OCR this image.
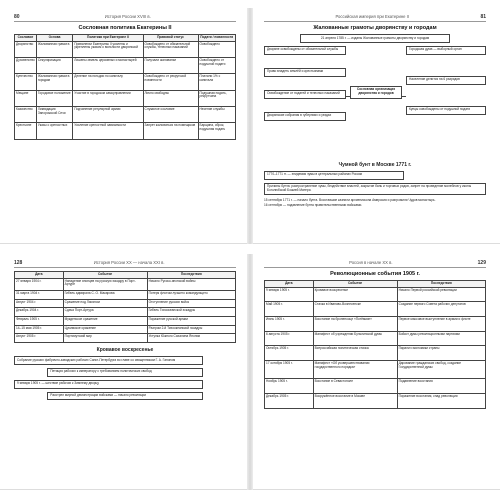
80	История России XVIII в.
Сословная политика Екатерины II
Сословие	Основа	Политика при Екатерине II	Правовой статус	Подати / повинности
Дворянство	Жалованная грамота	Привилегии Екатерины II усилены и укреплены указом о вольности дворянской	Освобождено от обязательной службы, телесных наказаний	Освобождено
Духовенство	Секуляризация	Лишены земель церковных и монастырей	Получали жалованье	Освобождено от подушной подати
Купечество	Жалованная грамота городам	Деление на гильдии по капиталу	Освобождено от рекрутской повинности	Платили 1% с капитала
Мещане	Городовое положение	Участие в городском самоуправлении	Лично свободны	Подушная подать, рекрутчина
Казачество	Ликвидация Запорожской Сечи	Подчинение регулярной армии	Служилое сословие	Несение службы
Крестьяне	Указы о крепостных	Усиление крепостной зависимости	Запрет жаловаться на помещиков	Барщина, оброк, подушная подать
Российская империя при Екатерине II	81
Жалованные грамоты дворянству и городам
21 апреля 1785 г. — изданы Жалованные грамоты дворянству и городам
Дворяне освобождены от обязательной службы
Право владеть землёй и крестьянами
Освобождение от податей и телесных наказаний
Дворянские собрания в губерниях и уездах
Сословная организация дворянства и городов
Городская дума — выборный орган
Население делится на 6 разрядов
Купцы освобождены от подушной подати
Чумной бунт в Москве 1771 г.
1770–1771 гг. — эпидемия чумы в центральных районах России
Причины бунта: распространение чумы, бездействие властей, закрытие бань и торговых рядов, запрет на проведение молебнов у иконы Боголюбской Божией Матери.
15 сентября 1771 г. — начало бунта. Восставшие казнили архиепископа Амвросия и разгромили Чудов монастырь.
16 сентября — подавление бунта правительственными войсками.
128	История России XX — начала XXI в.
Дата	Событие	Последствия
27 января 1904 г.	Нападение японцев на русскую эскадру в Порт-Артуре	Начало Русско-японской войны
31 марта 1904 г.	Гибель адмирала С. О. Макарова	Потеря флотом лучшего командующего
Август 1904 г.	Сражение под Ляояном	Отступление русских войск
Декабрь 1904 г.	Сдача Порт-Артура	Гибель Тихоокеанской эскадры
Февраль 1905 г.	Мукденское сражение	Поражение русской армии
14–15 мая 1905 г.	Цусимское сражение	Разгром 2-й Тихоокеанской эскадры
Август 1905 г.	Портсмутский мир	Уступка Южного Сахалина Японии
Кровавое воскресенье
Собрание русских фабрично-заводских рабочих Санкт-Петербурга во главе со священником Г. А. Гапоном
Петиция рабочих к императору с требованием политических свобод
9 января 1905 г. — шествие рабочих к Зимнему дворцу
Расстрел мирной демонстрации войсками — начало революции
Россия в начале XX в.	129
Революционные события 1905 г.
Дата	Событие	Последствия
9 января 1905 г.	Кровавое воскресенье	Начало Первой российской революции
Май 1905 г.	Стачка в Иваново-Вознесенске	Создание первого Совета рабочих депутатов
Июнь 1905 г.	Восстание на броненосце «Потёмкин»	Первое массовое выступление в армии и флоте
6 августа 1905 г.	Манифест об учреждении Булыгинской думы	Бойкот думы революционными партиями
Октябрь 1905 г.	Всероссийская политическая стачка	Паралич экономики страны
17 октября 1905 г.	Манифест «Об усовершенствовании государственного порядка»	Дарование гражданских свобод, создание Государственной думы
Ноябрь 1905 г.	Восстание в Севастополе	Подавление восстания
Декабрь 1905 г.	Вооружённое восстание в Москве	Поражение восстания, спад революции
